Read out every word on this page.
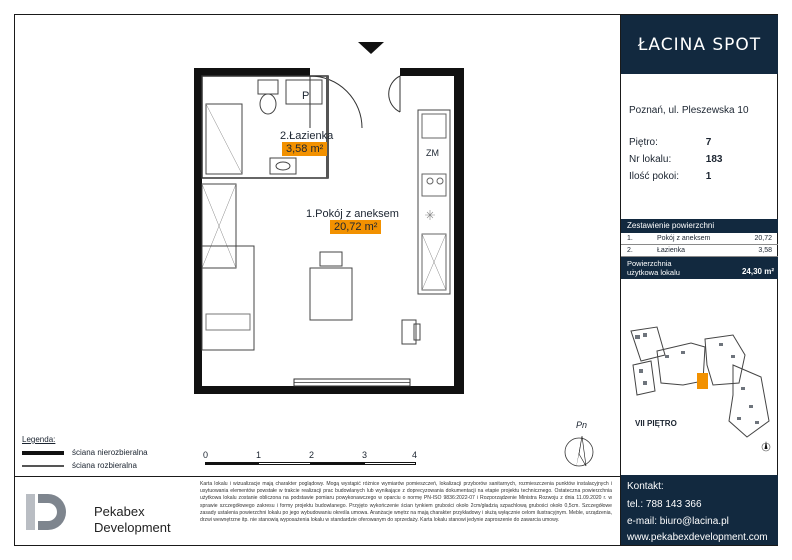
P
2.Łazienka
3,58 m²	ZM
1.Pokój z aneksem
20,72 m²
Legenda:
ściana nierozbieralna
ściana rozbieralna
0	1	2	3	4
Pn
Pekabex
Development
Karta lokalu i wizualizacje mają charakter poglądowy. Mogą wystąpić różnice wymiarów pomieszczeń, lokalizacji przyborów sanitarnych, rozmieszczenia punktów instalacyjnych i usytuowania elementów powstałe w trakcie realizacji prac budowlanych lub wynikające z doprecyzowania dokumentacji na etapie projektu technicznego. Ostateczna powierzchnia użytkowa lokalu zostanie obliczona na podstawie pomiaru powykonawczego w oparciu o normę PN-ISO 9836:2022-07 i Rozporządzenie Ministra Rozwoju z dnia 11.09.2020 r. w sprawie szczegółowego zakresu i formy projektu budowlanego. Przyjęto wykończenie ścian tynkiem grubości około 2cm/gładzią szpachlową grubości około 0,5cm. Szczegółowe zasady ustalenia powierzchni lokalu po jego wybudowaniu określa umowa. Aranżacje wnętrz na mają charakter przykładowy i służą wyłącznie celom ilustracyjnym. Meble, urządzenia, drzwi wewnętrzne itp. nie stanowią wyposażenia lokalu w standardzie oferowanym do sprzedaży. Karta lokalu stanowi jedynie zaproszenie do zawarcia umowy.
ŁACINA SPOT
Poznań, ul. Pleszewska 10
Piętro:	7
Nr lokalu:	183
Ilość pokoi:	1
Zestawienie powierzchni
1.	Pokój z aneksem	20,72
2.	Łazienka	3,58
Powierzchnia
użytkowa lokalu	24,30 m²
VII PIĘTRO
Kontakt:
tel.: 788 143 366
e-mail: biuro@lacina.pl
www.pekabexdevelopment.com
